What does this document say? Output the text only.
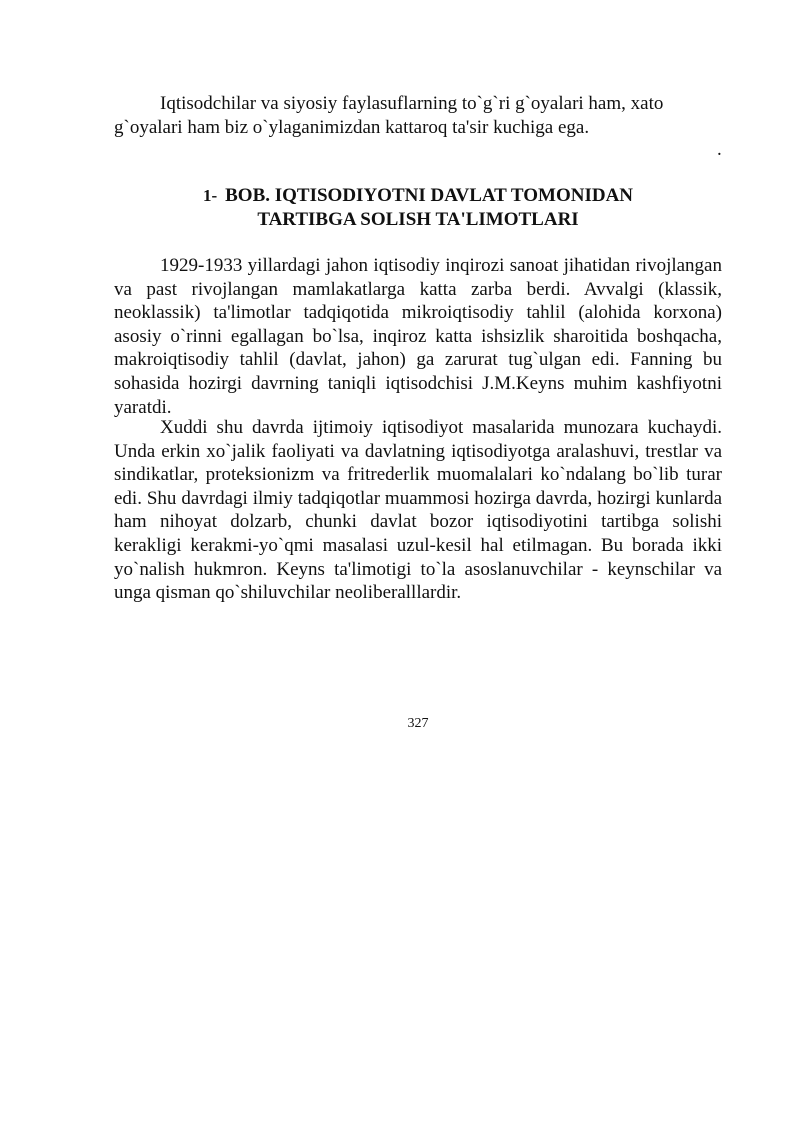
Iqtisodchilar va siyosiy faylasuflarning to`g`ri g`oyalari ham, xato g`oyalari ham biz o`ylaganimizdan kattaroq ta'sir kuchiga ega.

.
1- BOB. IQTISODIYOTNI DAVLAT TOMONIDAN
TARTIBGA SOLISH TA'LIMOTLARI

1929-1933 yillardagi jahon iqtisodiy inqirozi sanoat jihatidan rivojlangan va past rivojlangan mamlakatlarga katta zarba berdi. Avvalgi (klassik, neoklassik) ta'limotlar tadqiqotida mikroiqtisodiy tahlil (alohida korxona) asosiy o`rinni egallagan bo`lsa, inqiroz katta ishsizlik sharoitida boshqacha, makroiqtisodiy tahlil (davlat, jahon) ga zarurat tug`ulgan edi. Fanning bu sohasida hozirgi davrning taniqli iqtisodchisi J.M.Keyns muhim kashfiyotni yaratdi.

Xuddi shu davrda ijtimoiy iqtisodiyot masalarida munozara kuchaydi. Unda erkin xo`jalik faoliyati va davlatning iqtisodiyotga aralashuvi, trestlar va sindikatlar, proteksionizm va fritrederlik muomalalari ko`ndalang bo`lib turar edi. Shu davrdagi ilmiy tadqiqotlar muammosi hozirga davrda, hozirgi kunlarda ham nihoyat dolzarb, chunki davlat bozor iqtisodiyotini tartibga solishi kerakligi kerakmi-yo`qmi masalasi uzul-kesil hal etilmagan. Bu borada ikki yo`nalish hukmron. Keyns ta'limotigi to`la asoslanuvchilar - keynschilar va unga qisman qo`shiluvchilar neoliberalllardir.

327
